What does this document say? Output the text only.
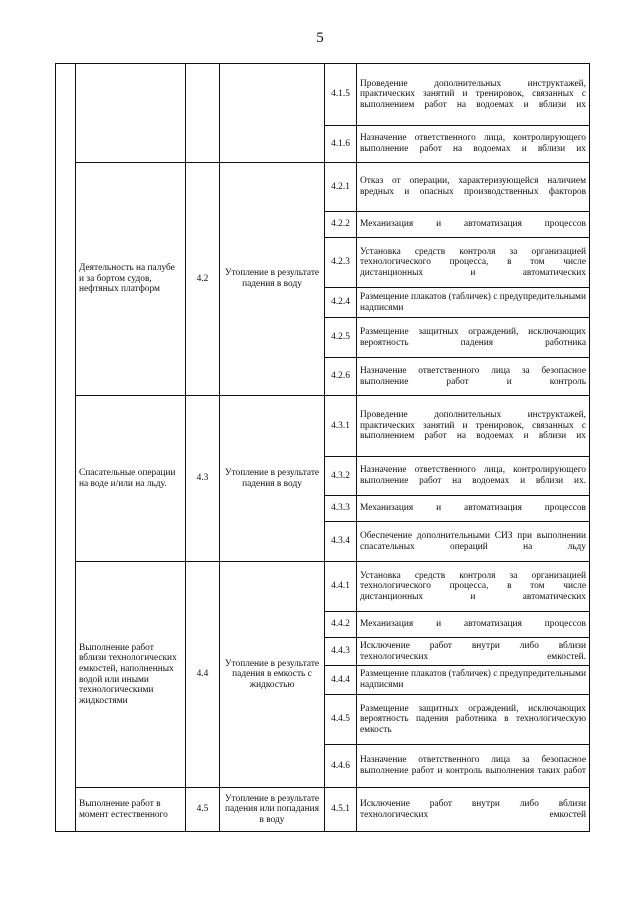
5
				4.1.5	Проведение дополнительных инструктажей, практических занятий и тренировок, связанных с выполнением работ на водоемах и вблизи их
				4.1.6	Назначение ответственного лица, контролирующего выполнение работ на водоемах и вблизи их
	Деятельность на палубе и за бортом судов, нефтяных платформ	4.2	Утопление в результате падения в воду	4.2.1	Отказ от операции, характеризующейся наличием вредных и опасных производственных факторов
				4.2.2	Механизация и автоматизация процессов
				4.2.3	Установка средств контроля за организацией технологического процесса, в том числе дистанционных и автоматических
				4.2.4	Размещение плакатов (табличек) с предупредительными надписями
				4.2.5	Размещение защитных ограждений, исключающих вероятность падения работника
				4.2.6	Назначение ответственного лица за безопасное выполнение работ и контроль
	Спасательные операции на воде и/или на льду.	4.3	Утопление в результате падения в воду	4.3.1	Проведение дополнительных инструктажей, практических занятий и тренировок, связанных с выполнением работ на водоемах и вблизи их
				4.3.2	Назначение ответственного лица, контролирующего выполнение работ на водоемах и вблизи их.
				4.3.3	Механизация и автоматизация процессов
				4.3.4	Обеспечение дополнительными СИЗ при выполнении спасательных операций на льду
	Выполнение работ вблизи технологических емкостей, наполненных водой или иными технологическими жидкостями	4.4	Утопление в результате падения в емкость с жидкостью	4.4.1	Установка средств контроля за организацией технологического процесса, в том числе дистанционных и автоматических
				4.4.2	Механизация и автоматизация процессов
				4.4.3	Исключение работ внутри либо вблизи технологических емкостей.
				4.4.4	Размещение плакатов (табличек) с предупредительными надписями
				4.4.5	Размещение защитных ограждений, исключающих вероятность падения работника в технологическую емкость
				4.4.6	Назначение ответственного лица за безопасное выполнение работ и контроль выполнения таких работ
	Выполнение работ в момент естественного	4.5	Утопление в результате падения или попадания в воду	4.5.1	Исключение работ внутри либо вблизи технологических емкостей
